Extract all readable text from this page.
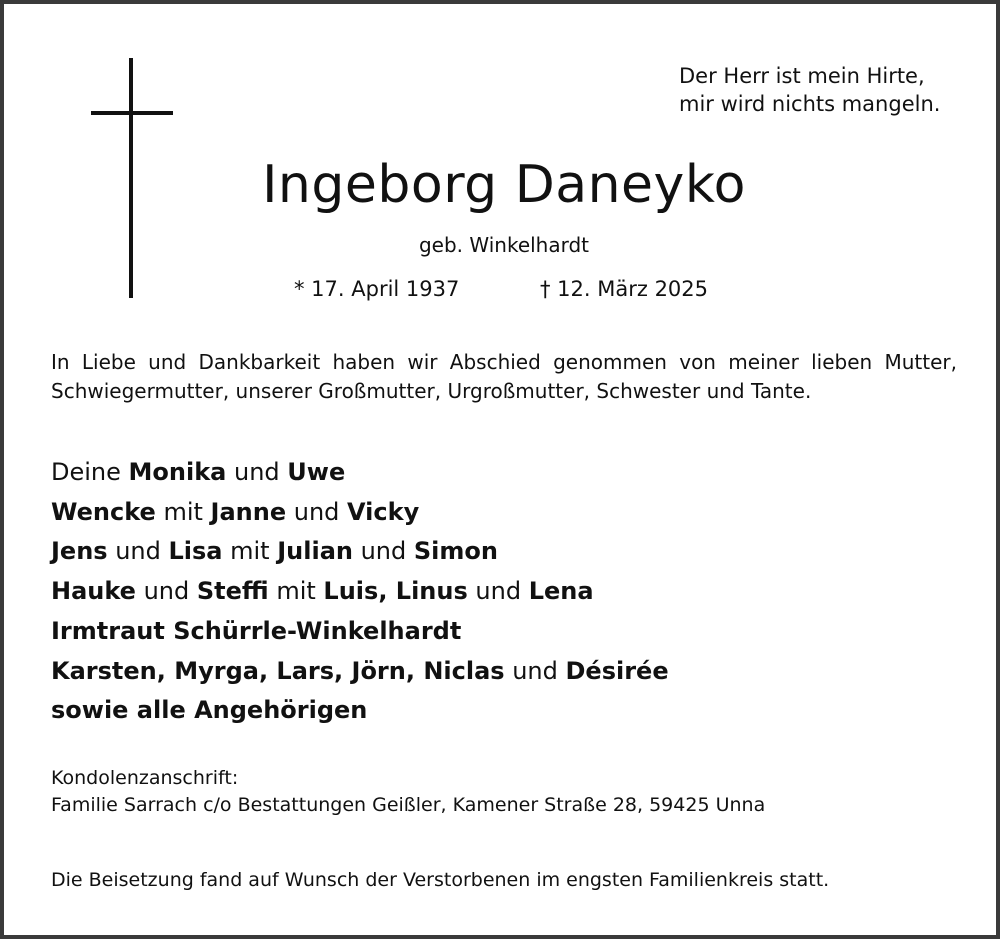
Der Herr ist mein Hirte,
mir wird nichts mangeln.
Ingeborg Daneyko
geb. Winkelhardt
* 17. April 1937	† 12. März 2025
In Liebe und Dankbarkeit haben wir Abschied genommen von meiner lieben Mutter, Schwiegermutter, unserer Großmutter, Urgroßmutter, Schwester und Tante.
Deine Monika und Uwe
Wencke mit Janne und Vicky
Jens und Lisa mit Julian und Simon
Hauke und Steffi mit Luis, Linus und Lena
Irmtraut Schürrle-Winkelhardt
Karsten, Myrga, Lars, Jörn, Niclas und Désirée
sowie alle Angehörigen
Kondolenzanschrift:
Familie Sarrach c/o Bestattungen Geißler, Kamener Straße 28, 59425 Unna
Die Beisetzung fand auf Wunsch der Verstorbenen im engsten Familienkreis statt.
